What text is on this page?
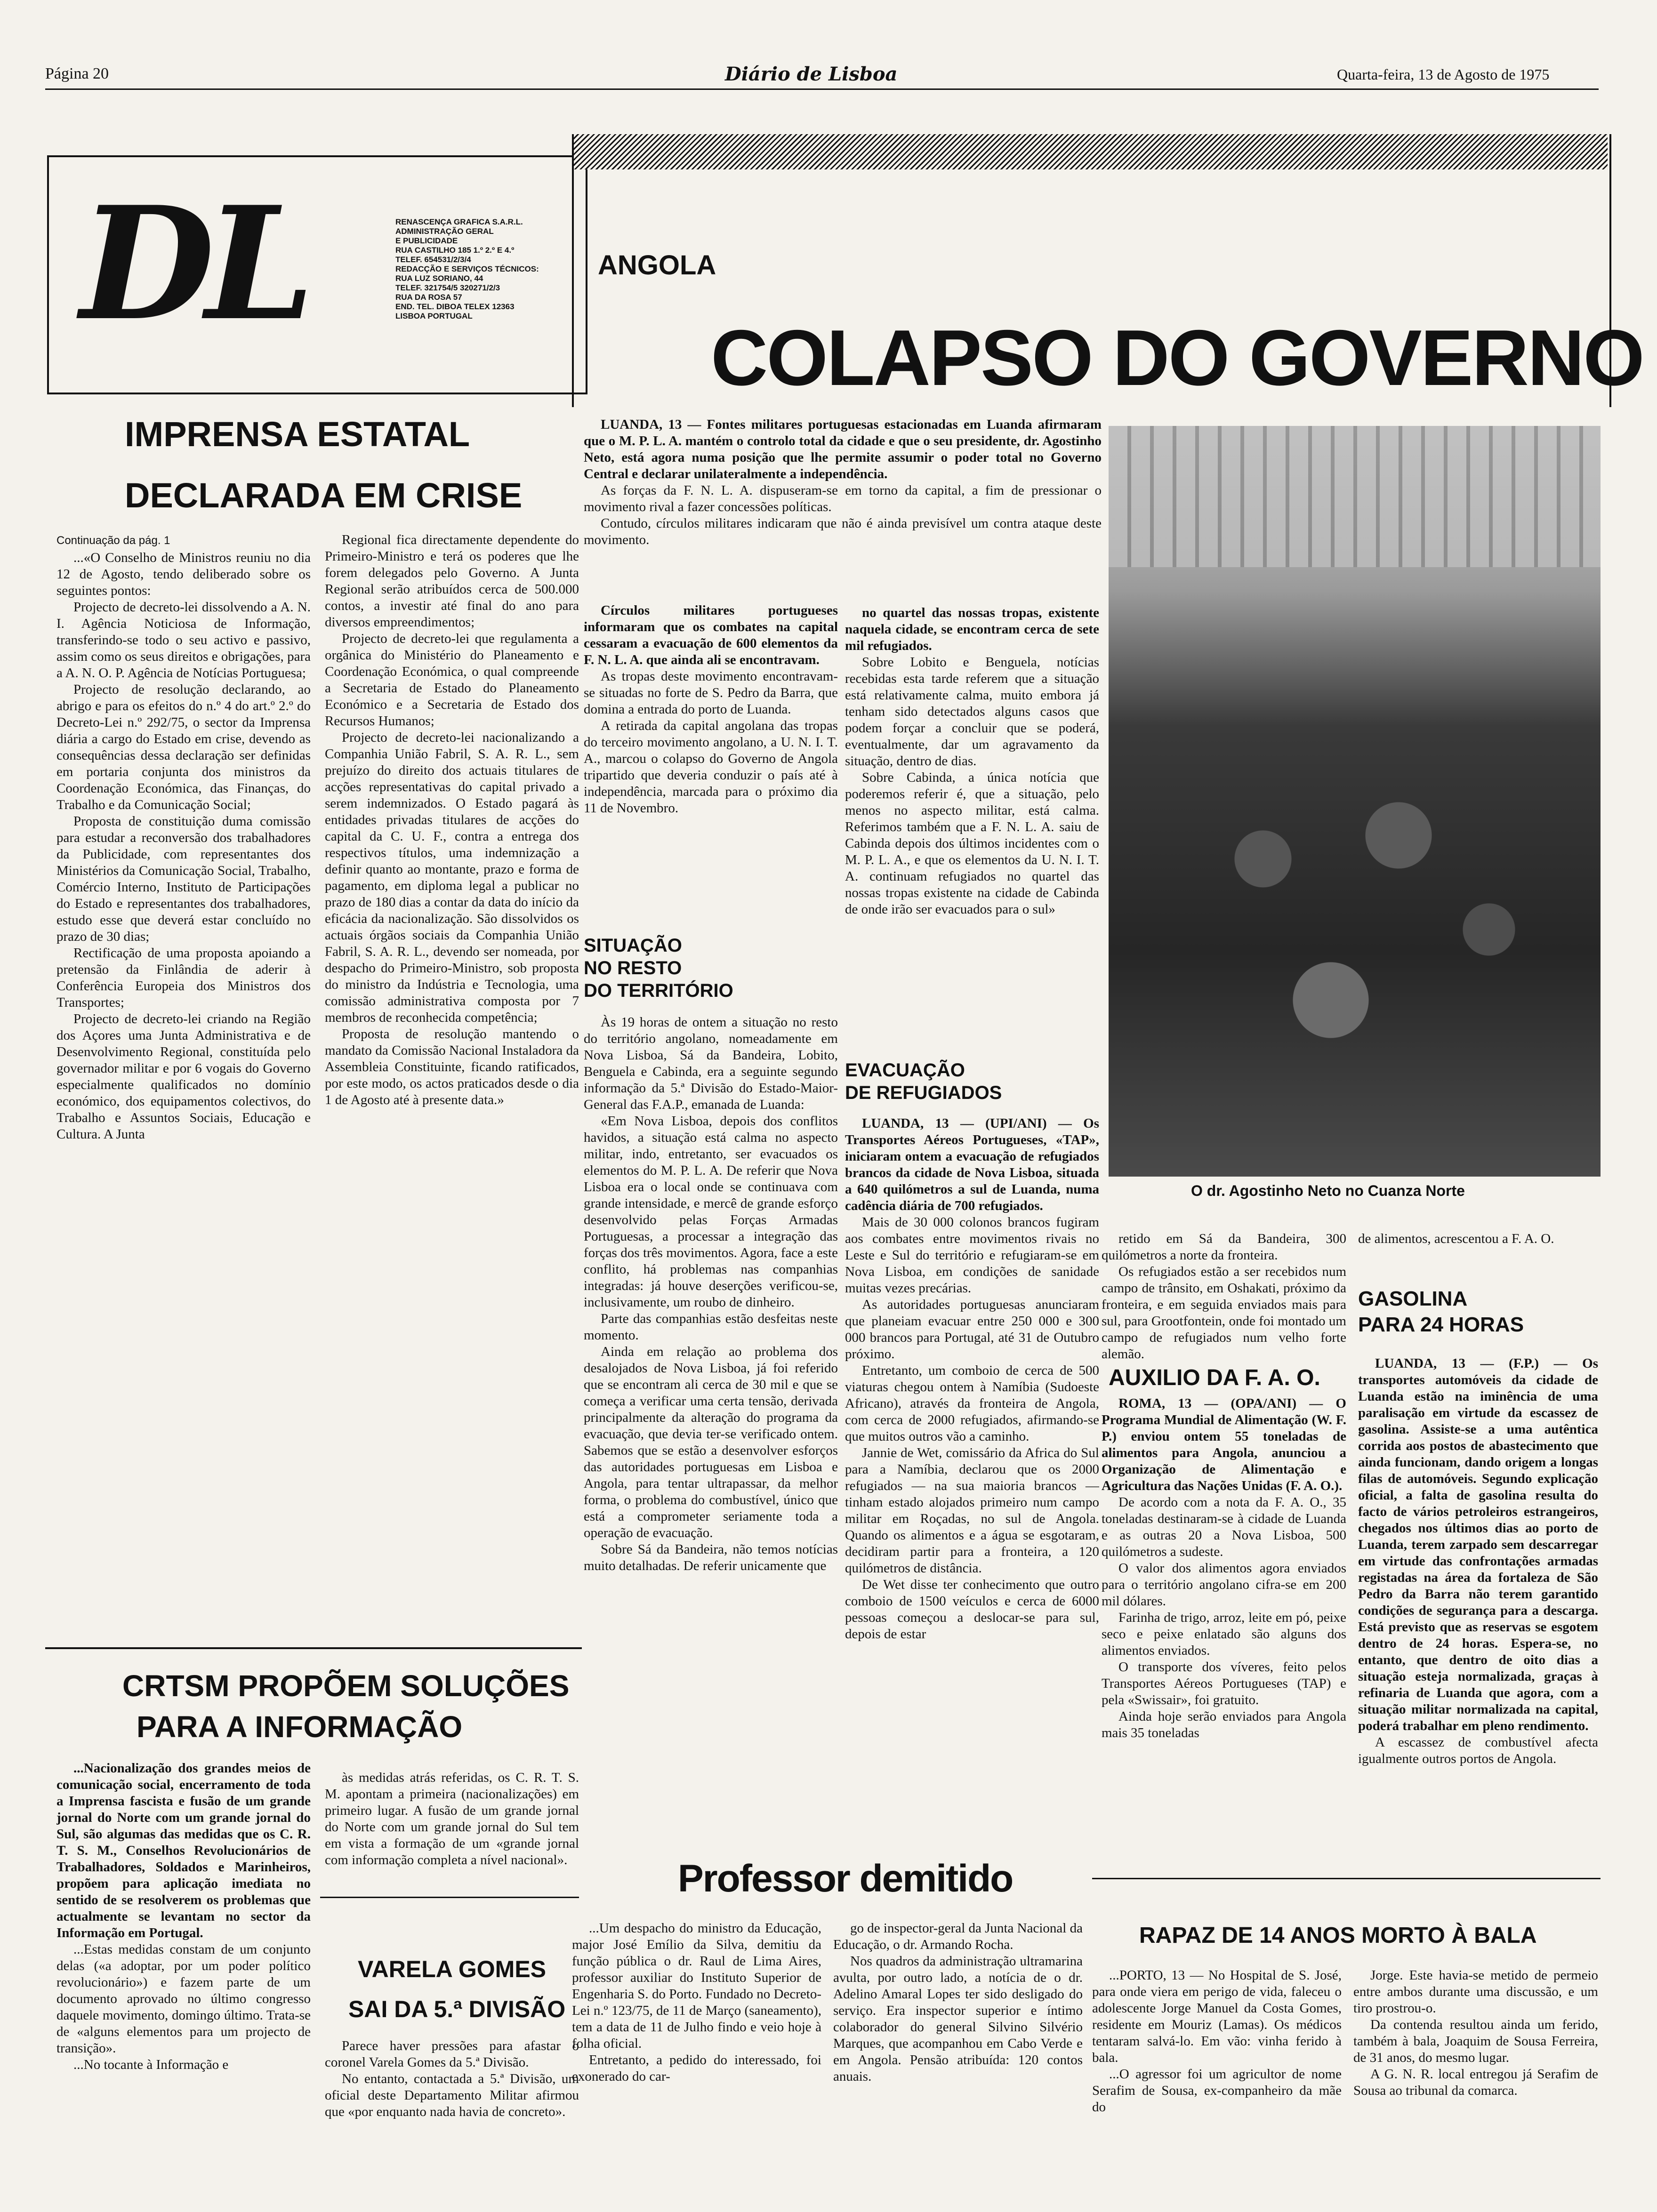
Página 20	Diário de Lisboa	Quarta-feira, 13 de Agosto de 1975
DL	RENASCENÇA GRAFICA S.A.R.L.
ADMINISTRAÇÃO GERAL
E PUBLICIDADE
RUA CASTILHO 185 1.º 2.º E 4.º
TELEF. 654531/2/3/4
REDACÇÃO E SERVIÇOS TÉCNICOS:
RUA LUZ SORIANO, 44
TELEF. 321754/5 320271/2/3
RUA DA ROSA 57
END. TEL. DIBOA TELEX 12363
LISBOA PORTUGAL
IMPRENSA ESTATAL
DECLARADA EM CRISE
Continuação da pág. 1

...«O Conselho de Ministros reuniu no dia 12 de Agosto, tendo deliberado sobre os seguintes pontos:

Projecto de decreto-lei dissolvendo a A. N. I. Agência Noticiosa de Informação, transferindo-se todo o seu activo e passivo, assim como os seus direitos e obrigações, para a A. N. O. P. Agência de Notícias Portuguesa;

Projecto de resolução declarando, ao abrigo e para os efeitos do n.º 4 do art.º 2.º do Decreto-Lei n.º 292/75, o sector da Imprensa diária a cargo do Estado em crise, devendo as consequências dessa declaração ser definidas em portaria conjunta dos ministros da Coordenação Económica, das Finanças, do Trabalho e da Comunicação Social;

Proposta de constituição duma comissão para estudar a reconversão dos trabalhadores da Publicidade, com representantes dos Ministérios da Comunicação Social, Trabalho, Comércio Interno, Instituto de Participações do Estado e representantes dos trabalhadores, estudo esse que deverá estar concluído no prazo de 30 dias;

Rectificação de uma proposta apoiando a pretensão da Finlândia de aderir à Conferência Europeia dos Ministros dos Transportes;

Projecto de decreto-lei criando na Região dos Açores uma Junta Administrativa e de Desenvolvimento Regional, constituída pelo governador militar e por 6 vogais do Governo especialmente qualificados no domínio económico, dos equipamentos colectivos, do Trabalho e Assuntos Sociais, Educação e Cultura. A Junta

Regional fica directamente dependente do Primeiro-Ministro e terá os poderes que lhe forem delegados pelo Governo. A Junta Regional serão atribuídos cerca de 500.000 contos, a investir até final do ano para diversos empreendimentos;

Projecto de decreto-lei que regulamenta a orgânica do Ministério do Planeamento e Coordenação Económica, o qual compreende a Secretaria de Estado do Planeamento Económico e a Secretaria de Estado dos Recursos Humanos;

Projecto de decreto-lei nacionalizando a Companhia União Fabril, S. A. R. L., sem prejuízo do direito dos actuais titulares de acções representativas do capital privado a serem indemnizados. O Estado pagará às entidades privadas titulares de acções do capital da C. U. F., contra a entrega dos respectivos títulos, uma indemnização a definir quanto ao montante, prazo e forma de pagamento, em diploma legal a publicar no prazo de 180 dias a contar da data do início da eficácia da nacionalização. São dissolvidos os actuais órgãos sociais da Companhia União Fabril, S. A. R. L., devendo ser nomeada, por despacho do Primeiro-Ministro, sob proposta do ministro da Indústria e Tecnologia, uma comissão administrativa composta por 7 membros de reconhecida competência;

Proposta de resolução mantendo o mandato da Comissão Nacional Instaladora da Assembleia Constituinte, ficando ratificados, por este modo, os actos praticados desde o dia 1 de Agosto até à presente data.»

CRTSM PROPÕEM SOLUÇÕES
PARA A INFORMAÇÃO

...Nacionalização dos grandes meios de comunicação social, encerramento de toda a Imprensa fascista e fusão de um grande jornal do Norte com um grande jornal do Sul, são algumas das medidas que os C. R. T. S. M., Conselhos Revolucionários de Trabalhadores, Soldados e Marinheiros, propõem para aplicação imediata no sentido de se resolverem os problemas que actualmente se levantam no sector da Informação em Portugal.

...Estas medidas constam de um conjunto delas («a adoptar, por um poder político revolucionário») e fazem parte de um documento aprovado no último congresso daquele movimento, domingo último. Trata-se de «alguns elementos para um projecto de transição».

...No tocante à Informação e

às medidas atrás referidas, os C. R. T. S. M. apontam a primeira (nacionalizações) em primeiro lugar. A fusão de um grande jornal do Norte com um grande jornal do Sul tem em vista a formação de um «grande jornal com informação completa a nível nacional».

VARELA GOMES
SAI DA 5.ª DIVISÃO

Parece haver pressões para afastar o coronel Varela Gomes da 5.ª Divisão.

No entanto, contactada a 5.ª Divisão, um oficial deste Departamento Militar afirmou que «por enquanto nada havia de concreto».

ANGOLA
COLAPSO DO GOVERNO

LUANDA, 13 — Fontes militares portuguesas estacionadas em Luanda afirmaram que o M. P. L. A. mantém o controlo total da cidade e que o seu presidente, dr. Agostinho Neto, está agora numa posição que lhe permite assumir o poder total no Governo Central e declarar unilateralmente a independência.

As forças da F. N. L. A. dispuseram-se em torno da capital, a fim de pressionar o movimento rival a fazer concessões políticas.

Contudo, círculos militares indicaram que não é ainda previsível um contra ataque deste movimento.

Círculos militares portugueses informaram que os combates na capital cessaram a evacuação de 600 elementos da F. N. L. A. que ainda ali se encontravam.

As tropas deste movimento encontravam-se situadas no forte de S. Pedro da Barra, que domina a entrada do porto de Luanda.

A retirada da capital angolana das tropas do terceiro movimento angolano, a U. N. I. T. A., marcou o colapso do Governo de Angola tripartido que deveria conduzir o país até à independência, marcada para o próximo dia 11 de Novembro.

SITUAÇÃO
NO RESTO
DO TERRITÓRIO

Às 19 horas de ontem a situação no resto do território angolano, nomeadamente em Nova Lisboa, Sá da Bandeira, Lobito, Benguela e Cabinda, era a seguinte segundo informação da 5.ª Divisão do Estado-Maior-General das F.A.P., emanada de Luanda:

«Em Nova Lisboa, depois dos conflitos havidos, a situação está calma no aspecto militar, indo, entretanto, ser evacuados os elementos do M. P. L. A. De referir que Nova Lisboa era o local onde se continuava com grande intensidade, e mercê de grande esforço desenvolvido pelas Forças Armadas Portuguesas, a processar a integração das forças dos três movimentos. Agora, face a este conflito, há problemas nas companhias integradas: já houve deserções verificou-se, inclusivamente, um roubo de dinheiro.

Parte das companhias estão desfeitas neste momento.

Ainda em relação ao problema dos desalojados de Nova Lisboa, já foi referido que se encontram ali cerca de 30 mil e que se começa a verificar uma certa tensão, derivada principalmente da alteração do programa da evacuação, que devia ter-se verificado ontem. Sabemos que se estão a desenvolver esforços das autoridades portuguesas em Lisboa e Angola, para tentar ultrapassar, da melhor forma, o problema do combustível, único que está a comprometer seriamente toda a operação de evacuação.

Sobre Sá da Bandeira, não temos notícias muito detalhadas. De referir unicamente que

no quartel das nossas tropas, existente naquela cidade, se encontram cerca de sete mil refugiados.

Sobre Lobito e Benguela, notícias recebidas esta tarde referem que a situação está relativamente calma, muito embora já tenham sido detectados alguns casos que podem forçar a concluir que se poderá, eventualmente, dar um agravamento da situação, dentro de dias.

Sobre Cabinda, a única notícia que poderemos referir é, que a situação, pelo menos no aspecto militar, está calma. Referimos também que a F. N. L. A. saiu de Cabinda depois dos últimos incidentes com o M. P. L. A., e que os elementos da U. N. I. T. A. continuam refugiados no quartel das nossas tropas existente na cidade de Cabinda de onde irão ser evacuados para o sul»

EVACUAÇÃO
DE REFUGIADOS

LUANDA, 13 — (UPI/ANI) — Os Transportes Aéreos Portugueses, «TAP», iniciaram ontem a evacuação de refugiados brancos da cidade de Nova Lisboa, situada a 640 quilómetros a sul de Luanda, numa cadência diária de 700 refugiados.

Mais de 30 000 colonos brancos fugiram aos combates entre movimentos rivais no Leste e Sul do território e refugiaram-se em Nova Lisboa, em condições de sanidade muitas vezes precárias.

As autoridades portuguesas anunciaram que planeiam evacuar entre 250 000 e 300 000 brancos para Portugal, até 31 de Outubro próximo.

Entretanto, um comboio de cerca de 500 viaturas chegou ontem à Namíbia (Sudoeste Africano), através da fronteira de Angola, com cerca de 2000 refugiados, afirmando-se que muitos outros vão a caminho.

Jannie de Wet, comissário da Africa do Sul para a Namíbia, declarou que os 2000 refugiados — na sua maioria brancos — tinham estado alojados primeiro num campo militar em Roçadas, no sul de Angola. Quando os alimentos e a água se esgotaram, decidiram partir para a fronteira, a 120 quilómetros de distância.

De Wet disse ter conhecimento que outro comboio de 1500 veículos e cerca de 6000 pessoas começou a deslocar-se para sul, depois de estar

retido em Sá da Bandeira, 300 quilómetros a norte da fronteira.

Os refugiados estão a ser recebidos num campo de trânsito, em Oshakati, próximo da fronteira, e em seguida enviados mais para sul, para Grootfontein, onde foi montado um campo de refugiados num velho forte alemão.

O dr. Agostinho Neto no Cuanza Norte
AUXILIO DA F. A. O.

ROMA, 13 — (OPA/ANI) — O Programa Mundial de Alimentação (W. F. P.) enviou ontem 55 toneladas de alimentos para Angola, anunciou a Organização de Alimentação e Agricultura das Nações Unidas (F. A. O.).

De acordo com a nota da F. A. O., 35 toneladas destinaram-se à cidade de Luanda e as outras 20 a Nova Lisboa, 500 quilómetros a sudeste.

O valor dos alimentos agora enviados para o território angolano cifra-se em 200 mil dólares.

Farinha de trigo, arroz, leite em pó, peixe seco e peixe enlatado são alguns dos alimentos enviados.

O transporte dos víveres, feito pelos Transportes Aéreos Portugueses (TAP) e pela «Swissair», foi gratuito.

Ainda hoje serão enviados para Angola mais 35 toneladas

de alimentos, acrescentou a F. A. O.
GASOLINA
PARA 24 HORAS

LUANDA, 13 — (F.P.) — Os transportes automóveis da cidade de Luanda estão na iminência de uma paralisação em virtude da escassez de gasolina. Assiste-se a uma autêntica corrida aos postos de abastecimento que ainda funcionam, dando origem a longas filas de automóveis. Segundo explicação oficial, a falta de gasolina resulta do facto de vários petroleiros estrangeiros, chegados nos últimos dias ao porto de Luanda, terem zarpado sem descarregar em virtude das confrontações armadas registadas na área da fortaleza de São Pedro da Barra não terem garantido condições de segurança para a descarga. Está previsto que as reservas se esgotem dentro de 24 horas. Espera-se, no entanto, que dentro de oito dias a situação esteja normalizada, graças à refinaria de Luanda que agora, com a situação militar normalizada na capital, poderá trabalhar em pleno rendimento.

A escassez de combustível afecta igualmente outros portos de Angola.

Professor demitido

...Um despacho do ministro da Educação, major José Emílio da Silva, demitiu da função pública o dr. Raul de Lima Aires, professor auxiliar do Instituto Superior de Engenharia S. do Porto. Fundado no Decreto-Lei n.º 123/75, de 11 de Março (saneamento), tem a data de 11 de Julho findo e veio hoje à folha oficial.

Entretanto, a pedido do interessado, foi exonerado do car-

go de inspector-geral da Junta Nacional da Educação, o dr. Armando Rocha.

Nos quadros da administração ultramarina avulta, por outro lado, a notícia de o dr. Adelino Amaral Lopes ter sido desligado do serviço. Era inspector superior e íntimo colaborador do general Silvino Silvério Marques, que acompanhou em Cabo Verde e em Angola. Pensão atribuída: 120 contos anuais.

RAPAZ DE 14 ANOS MORTO À BALA

...PORTO, 13 — No Hospital de S. José, para onde viera em perigo de vida, faleceu o adolescente Jorge Manuel da Costa Gomes, residente em Mouriz (Lamas). Os médicos tentaram salvá-lo. Em vão: vinha ferido à bala.

...O agressor foi um agricultor de nome Serafim de Sousa, ex-companheiro da mãe do

Jorge. Este havia-se metido de permeio entre ambos durante uma discussão, e um tiro prostrou-o.

Da contenda resultou ainda um ferido, também à bala, Joaquim de Sousa Ferreira, de 31 anos, do mesmo lugar.

A G. N. R. local entregou já Serafim de Sousa ao tribunal da comarca.
